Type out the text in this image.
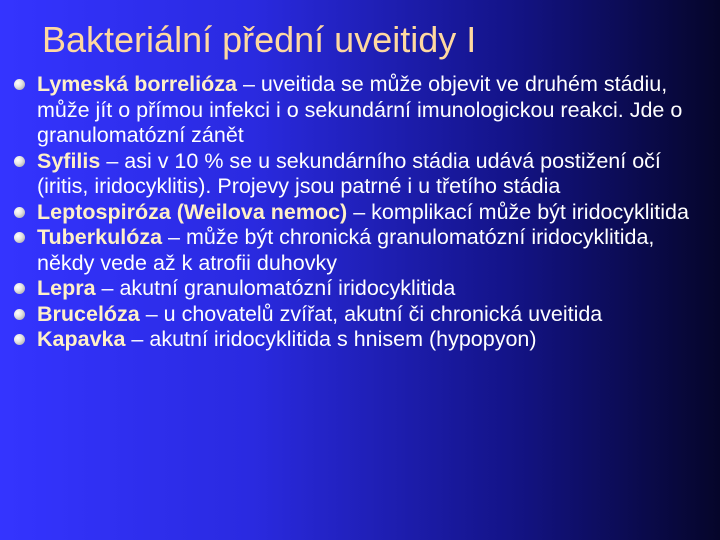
Bakteriální přední uveitidy I
Lymeská borrelióza – uveitida se může objevit ve druhém stádiu, může jít o přímou infekci i o sekundární imunologickou reakci. Jde o granulomatózní zánět
Syfilis – asi v 10 % se u sekundárního stádia udává postižení očí (iritis, iridocyklitis). Projevy jsou patrné i u třetího stádia
Leptospiróza (Weilova nemoc) – komplikací může být iridocyklitida
Tuberkulóza – může být chronická granulomatózní iridocyklitida, někdy vede až k atrofii duhovky
Lepra – akutní granulomatózní iridocyklitida
Brucelóza – u chovatelů zvířat, akutní či chronická uveitida
Kapavka – akutní iridocyklitida s hnisem (hypopyon)
